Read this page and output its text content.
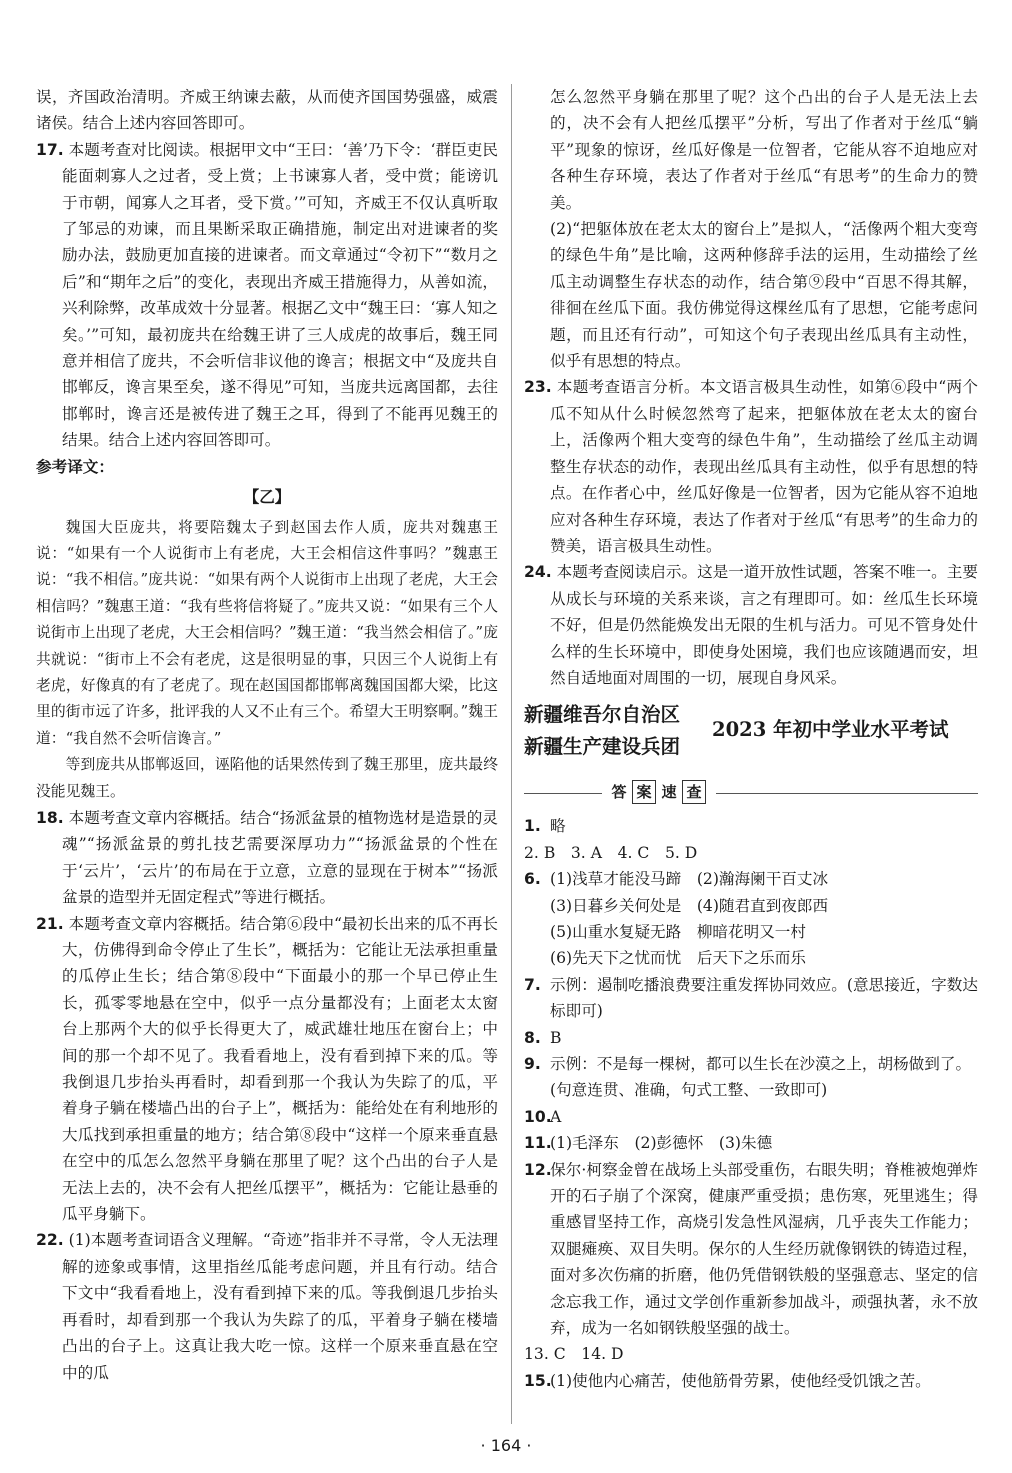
误，齐国政治清明。齐威王纳谏去蔽，从而使齐国国势强盛，威震诸侯。结合上述内容回答即可。

17. 本题考查对比阅读。根据甲文中“王曰：‘善’乃下令：‘群臣吏民能面刺寡人之过者，受上赏；上书谏寡人者，受中赏；能谤讥于市朝，闻寡人之耳者，受下赏。’”可知，齐威王不仅认真听取了邹忌的劝谏，而且果断采取正确措施，制定出对进谏者的奖励办法，鼓励更加直接的进谏者。而文章通过“令初下”“数月之后”和“期年之后”的变化，表现出齐威王措施得力，从善如流，兴利除弊，改革成效十分显著。根据乙文中“魏王曰：‘寡人知之矣。’”可知，最初庞共在给魏王讲了三人成虎的故事后，魏王同意并相信了庞共，不会听信非议他的谗言；根据文中“及庞共自邯郸反，谗言果至矣，遂不得见”可知，当庞共远离国都，去往邯郸时，谗言还是被传进了魏王之耳，得到了不能再见魏王的结果。结合上述内容回答即可。

参考译文：

【乙】

魏国大臣庞共，将要陪魏太子到赵国去作人质，庞共对魏惠王说：“如果有一个人说街市上有老虎，大王会相信这件事吗？”魏惠王说：“我不相信。”庞共说：“如果有两个人说街市上出现了老虎，大王会相信吗？”魏惠王道：“我有些将信将疑了。”庞共又说：“如果有三个人说街市上出现了老虎，大王会相信吗？”魏王道：“我当然会相信了。”庞共就说：“街市上不会有老虎，这是很明显的事，只因三个人说街上有老虎，好像真的有了老虎了。现在赵国国都邯郸离魏国国都大梁，比这里的街市远了许多，批评我的人又不止有三个。希望大王明察啊。”魏王道：“我自然不会听信谗言。”

等到庞共从邯郸返回，诬陷他的话果然传到了魏王那里，庞共最终没能见魏王。

18. 本题考查文章内容概括。结合“扬派盆景的植物选材是造景的灵魂”“扬派盆景的剪扎技艺需要深厚功力”“扬派盆景的个性在于‘云片’，‘云片’的布局在于立意，立意的显现在于树本”“扬派盆景的造型并无固定程式”等进行概括。

21. 本题考查文章内容概括。结合第⑥段中“最初长出来的瓜不再长大，仿佛得到命令停止了生长”，概括为：它能让无法承担重量的瓜停止生长；结合第⑧段中“下面最小的那一个早已停止生长，孤零零地悬在空中，似乎一点分量都没有；上面老太太窗台上那两个大的似乎长得更大了，威武雄壮地压在窗台上；中间的那一个却不见了。我看看地上，没有看到掉下来的瓜。等我倒退几步抬头再看时，却看到那一个我认为失踪了的瓜，平着身子躺在楼墙凸出的台子上”，概括为：能给处在有利地形的大瓜找到承担重量的地方；结合第⑧段中“这样一个原来垂直悬在空中的瓜怎么忽然平身躺在那里了呢？这个凸出的台子人是无法上去的，决不会有人把丝瓜摆平”，概括为：它能让悬垂的瓜平身躺下。

22. (1)本题考查词语含义理解。“奇迹”指非并不寻常，令人无法理解的迹象或事情，这里指丝瓜能考虑问题，并且有行动。结合下文中“我看看地上，没有看到掉下来的瓜。等我倒退几步抬头再看时，却看到那一个我认为失踪了的瓜，平着身子躺在楼墙凸出的台子上。这真让我大吃一惊。这样一个原来垂直悬在空中的瓜

怎么忽然平身躺在那里了呢？这个凸出的台子人是无法上去的，决不会有人把丝瓜摆平”分析，写出了作者对于丝瓜“躺平”现象的惊讶，丝瓜好像是一位智者，它能从容不迫地应对各种生存环境，表达了作者对于丝瓜“有思考”的生命力的赞美。

(2)“把躯体放在老太太的窗台上”是拟人，“活像两个粗大变弯的绿色牛角”是比喻，这两种修辞手法的运用，生动描绘了丝瓜主动调整生存状态的动作，结合第⑨段中“百思不得其解，徘徊在丝瓜下面。我仿佛觉得这棵丝瓜有了思想，它能考虑问题，而且还有行动”，可知这个句子表现出丝瓜具有主动性，似乎有思想的特点。

23. 本题考查语言分析。本文语言极具生动性，如第⑥段中“两个瓜不知从什么时候忽然弯了起来，把躯体放在老太太的窗台上，活像两个粗大变弯的绿色牛角”，生动描绘了丝瓜主动调整生存状态的动作，表现出丝瓜具有主动性，似乎有思想的特点。在作者心中，丝瓜好像是一位智者，因为它能从容不迫地应对各种生存环境，表达了作者对于丝瓜“有思考”的生命力的赞美，语言极具生动性。

24. 本题考查阅读启示。这是一道开放性试题，答案不唯一。主要从成长与环境的关系来谈，言之有理即可。如：丝瓜生长环境不好，但是仍然能焕发出无限的生机与活力。可见不管身处什么样的生长环境中，即使身处困境，我们也应该随遇而安，坦然自适地面对周围的一切，展现自身风采。

新疆维吾尔自治区
新疆生产建设兵团
2023 年初中学业水平考试
答 案 速 查

1. 略

2. B　3. A　4. C　5. D

6. (1)浅草才能没马蹄　(2)瀚海阑干百丈冰

(3)日暮乡关何处是　(4)随君直到夜郎西

(5)山重水复疑无路　柳暗花明又一村

(6)先天下之忧而忧　后天下之乐而乐

7. 示例：遏制吃播浪费要注重发挥协同效应。(意思接近，字数达标即可)

8. B

9. 示例：不是每一棵树，都可以生长在沙漠之上，胡杨做到了。

(句意连贯、准确，句式工整、一致即可)

10.A

11.(1)毛泽东　(2)彭德怀　(3)朱德

12.保尔·柯察金曾在战场上头部受重伤，右眼失明；脊椎被炮弹炸开的石子崩了个深窝，健康严重受损；患伤寒，死里逃生；得重感冒坚持工作，高烧引发急性风湿病，几乎丧失工作能力；双腿瘫痪、双目失明。保尔的人生经历就像钢铁的铸造过程，面对多次伤痛的折磨，他仍凭借钢铁般的坚强意志、坚定的信念忘我工作，通过文学创作重新参加战斗，顽强执著，永不放弃，成为一名如钢铁般坚强的战士。

13. C　14. D

15.(1)使他内心痛苦，使他筋骨劳累，使他经受饥饿之苦。

· 164 ·
